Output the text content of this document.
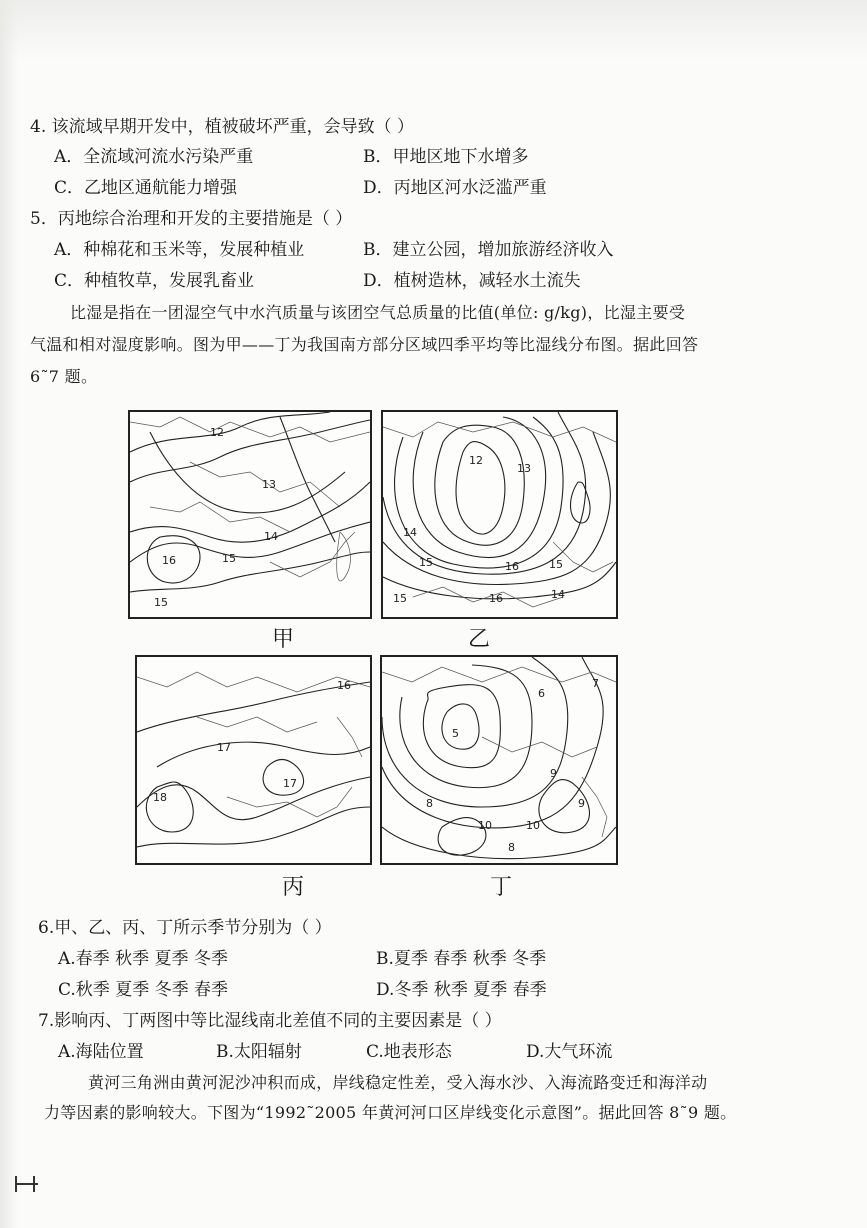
4. 该流域早期开发中，植被破坏严重，会导致（ ）
A．全流域河流水污染严重	B．甲地区地下水增多
C．乙地区通航能力增强	D．丙地区河水泛滥严重
5．丙地综合治理和开发的主要措施是（ ）
A．种棉花和玉米等，发展种植业	B．建立公园，增加旅游经济收入
C．种植牧草，发展乳畜业	D．植树造林，减轻水土流失
比湿是指在一团湿空气中水汽质量与该团空气总质量的比值(单位: g/kg)，比湿主要受
气温和相对湿度影响。图为甲——丁为我国南方部分区域四季平均等比湿线分布图。据此回答
6˜7 题。
12
13
14
15
16
15
甲
12
13
14
15	16	15
14
15	16
乙
16
17
18
17
丙
5
6
7
8
9
10	10
8
9
丁
6.甲、乙、丙、丁所示季节分别为（ ）
A.春季 秋季 夏季 冬季	B.夏季 春季 秋季 冬季
C.秋季 夏季 冬季 春季	D.冬季 秋季 夏季 春季
7.影响丙、丁两图中等比湿线南北差值不同的主要因素是（ ）
A.海陆位置	B.太阳辐射	C.地表形态	D.大气环流
黄河三角洲由黄河泥沙冲积而成，岸线稳定性差，受入海水沙、入海流路变迁和海洋动
力等因素的影响较大。下图为“1992˜2005 年黄河河口区岸线变化示意图”。据此回答 8˜9 题。
